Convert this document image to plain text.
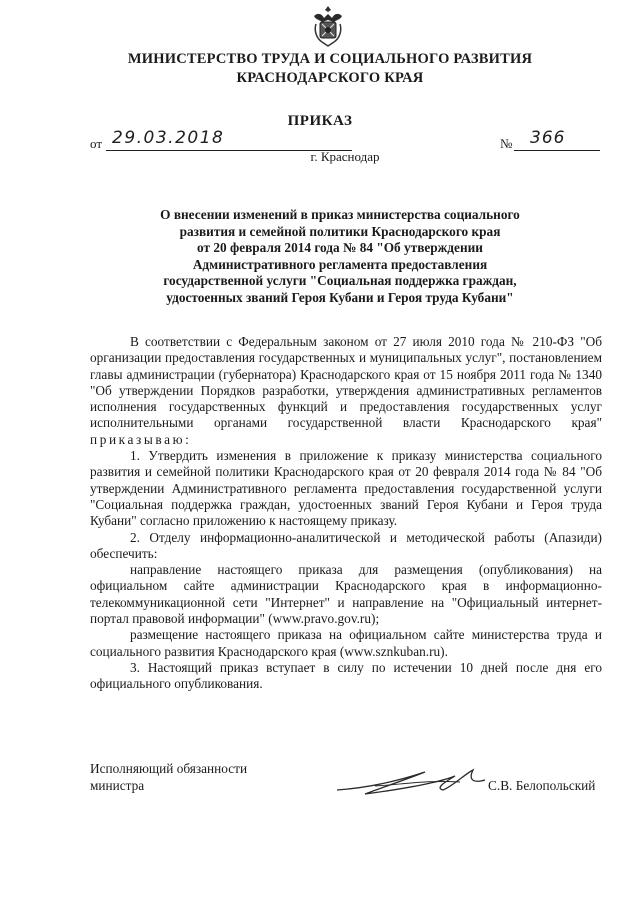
МИНИСТЕРСТВО ТРУДА И СОЦИАЛЬНОГО РАЗВИТИЯ
КРАСНОДАРСКОГО КРАЯ
ПРИКАЗ
от 29.03.2018	№ 366
г. Краснодар
О внесении изменений в приказ министерства социального
развития и семейной политики Краснодарского края
от 20 февраля 2014 года № 84 "Об утверждении
Административного регламента предоставления
государственной услуги "Социальная поддержка граждан,
удостоенных званий Героя Кубани и Героя труда Кубани"

В соответствии с Федеральным законом от 27 июля 2010 года № 210-ФЗ "Об организации предоставления государственных и муниципальных услуг", постановлением главы администрации (губернатора) Краснодарского края от 15 ноября 2011 года № 1340 "Об утверждении Порядков разработки, утверждения административных регламентов исполнения государственных функций и предоставления государственных услуг исполнительными органами государственной власти Краснодарского края" приказываю:

1. Утвердить изменения в приложение к приказу министерства социального развития и семейной политики Краснодарского края от 20 февраля 2014 года № 84 "Об утверждении Административного регламента предоставления государственной услуги "Социальная поддержка граждан, удостоенных званий Героя Кубани и Героя труда Кубани" согласно приложению к настоящему приказу.

2. Отделу информационно-аналитической и методической работы (Апазиди) обеспечить:

направление настоящего приказа для размещения (опубликования) на официальном сайте администрации Краснодарского края в информационно-телекоммуникационной сети "Интернет" и направление на "Официальный интернет-портал правовой информации" (www.pravo.gov.ru);

размещение настоящего приказа на официальном сайте министерства труда и социального развития Краснодарского края (www.sznkuban.ru).

3. Настоящий приказ вступает в силу по истечении 10 дней после дня его официального опубликования.

Исполняющий обязанности
министра	С.В. Белопольский
